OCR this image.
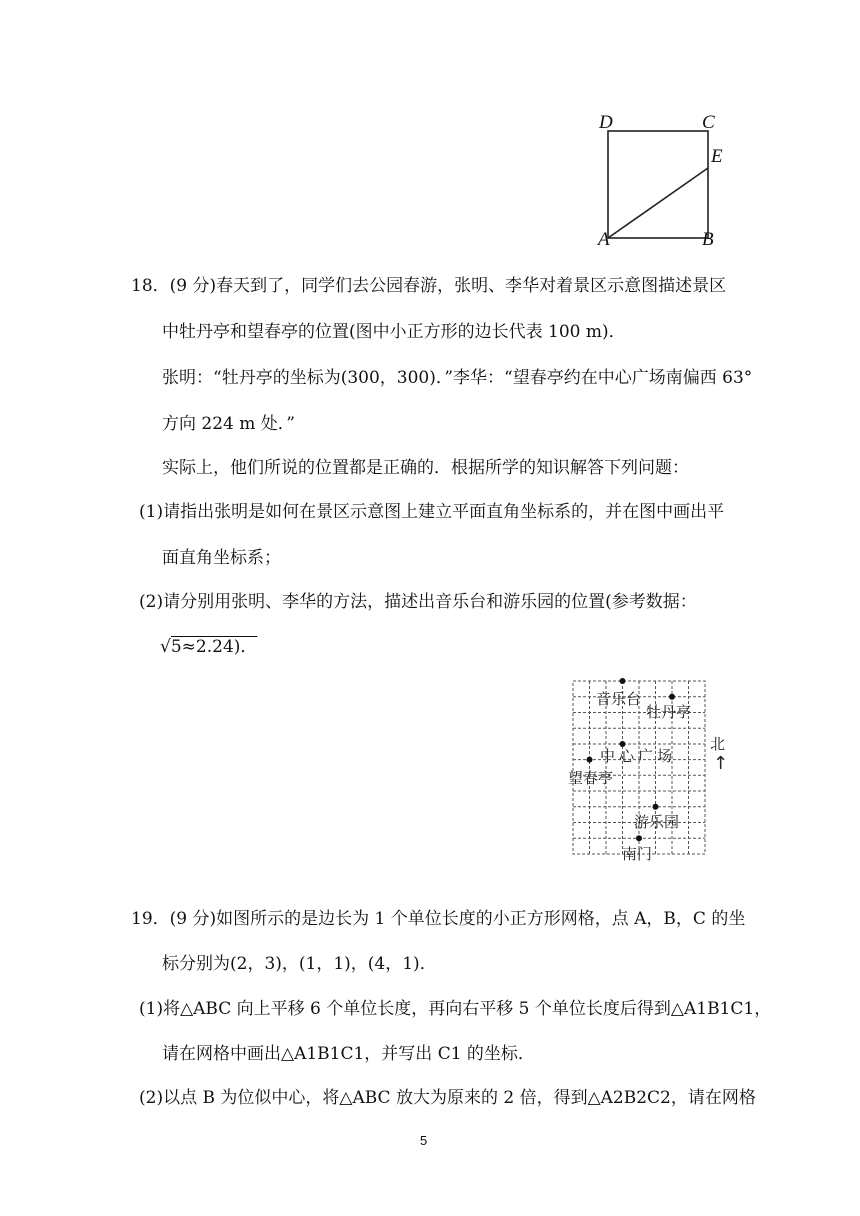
D	C
E
A	B
18．(9 分)春天到了，同学们去公园春游，张明、李华对着景区示意图描述景区
中牡丹亭和望春亭的位置(图中小正方形的边长代表 100 m)．
张明：“牡丹亭的坐标为(300，300)．”李华：“望春亭约在中心广场南偏西 63°
方向 224 m 处．”
实际上，他们所说的位置都是正确的．根据所学的知识解答下列问题：
(1)请指出张明是如何在景区示意图上建立平面直角坐标系的，并在图中画出平
面直角坐标系；
(2)请分别用张明、李华的方法，描述出音乐台和游乐园的位置(参考数据：
√5≈2.24)．
音乐台
牡丹亭
中心广场
望春亭
游乐园
南门
北
↑
19．(9 分)如图所示的是边长为 1 个单位长度的小正方形网格，点 A，B，C 的坐
标分别为(2，3)，(1，1)，(4，1)．
(1)将△ABC 向上平移 6 个单位长度，再向右平移 5 个单位长度后得到△A1B1C1，
请在网格中画出△A1B1C1，并写出 C1 的坐标．
(2)以点 B 为位似中心，将△ABC 放大为原来的 2 倍，得到△A2B2C2，请在网格
5
